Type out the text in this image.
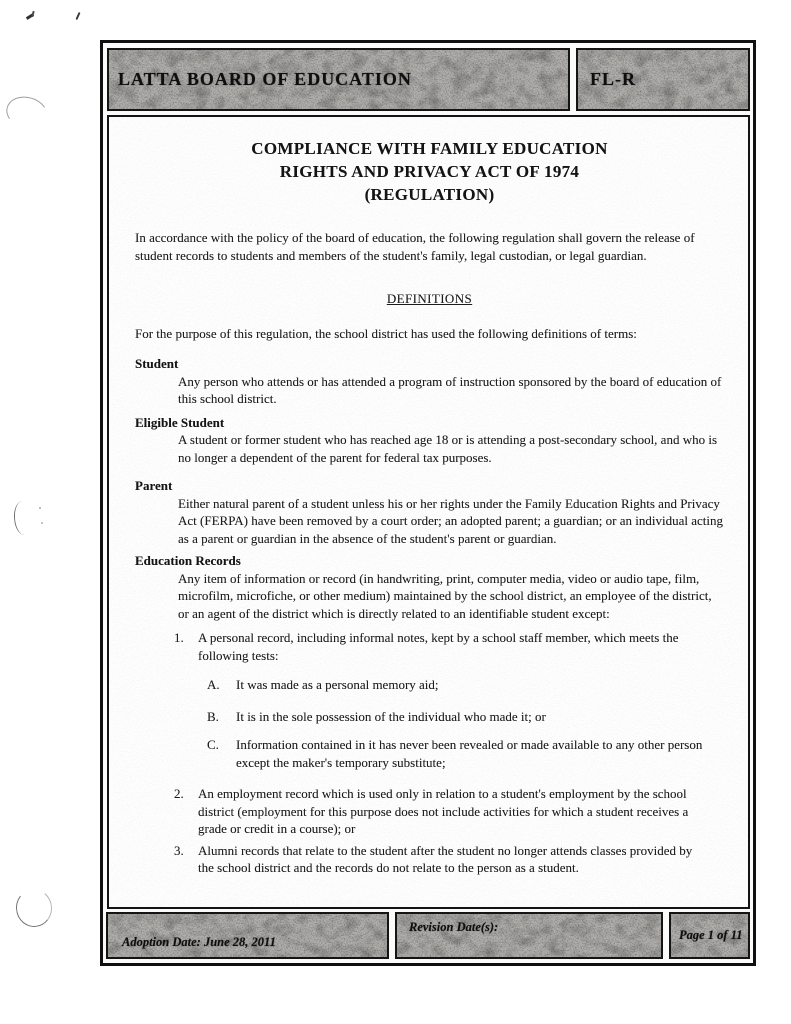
LATTA BOARD OF EDUCATION	FL-R
COMPLIANCE WITH FAMILY EDUCATION
RIGHTS AND PRIVACY ACT OF 1974
(REGULATION)

In accordance with the policy of the board of education, the following regulation shall govern the release of student records to students and members of the student's family, legal custodian, or legal guardian.

DEFINITIONS

For the purpose of this regulation, the school district has used the following definitions of terms:

Student
Any person who attends or has attended a program of instruction sponsored by the board of education of this school district.
Eligible Student
A student or former student who has reached age 18 or is attending a post-secondary school, and who is no longer a dependent of the parent for federal tax purposes.
Parent
Either natural parent of a student unless his or her rights under the Family Education Rights and Privacy Act (FERPA) have been removed by a court order; an adopted parent; a guardian; or an individual acting as a parent or guardian in the absence of the student's parent or guardian.
Education Records
Any item of information or record (in handwriting, print, computer media, video or audio tape, film, microfilm, microfiche, or other medium) maintained by the school district, an employee of the district, or an agent of the district which is directly related to an identifiable student except:
1.	A personal record, including informal notes, kept by a school staff member, which meets the following tests:
A.	It was made as a personal memory aid;
B.	It is in the sole possession of the individual who made it; or
C.	Information contained in it has never been revealed or made available to any other person except the maker's temporary substitute;
2.	An employment record which is used only in relation to a student's employment by the school district (employment for this purpose does not include activities for which a student receives a grade or credit in a course); or
3.	Alumni records that relate to the student after the student no longer attends classes provided by the school district and the records do not relate to the person as a student.
Adoption Date: June 28, 2011
Revision Date(s):
Page 1 of 11
